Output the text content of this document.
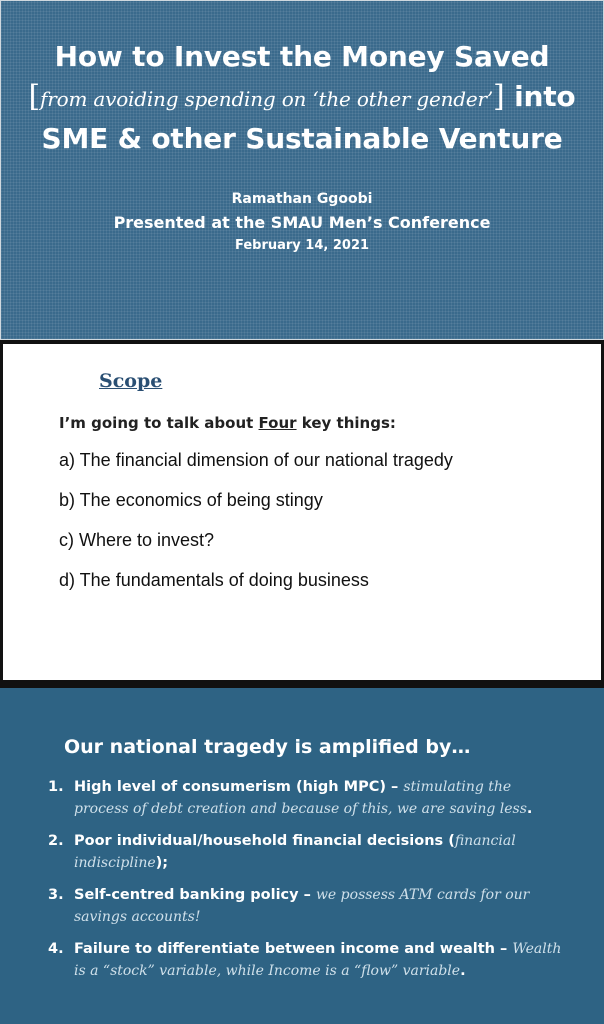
How to Invest the Money Saved
[from avoiding spending on ‘the other gender’] into
SME & other Sustainable Venture
Ramathan Ggoobi
Presented at the SMAU Men’s Conference
February 14, 2021
Scope
I’m going to talk about Four key things:
a) The financial dimension of our national tragedy
b) The economics of being stingy
c) Where to invest?
d) The fundamentals of doing business
Our national tragedy is amplified by…
1. High level of consumerism (high MPC) – stimulating the process of debt creation and because of this, we are saving less.
2. Poor individual/household financial decisions (financial indiscipline);
3. Self-centred banking policy – we possess ATM cards for our savings accounts!
4. Failure to differentiate between income and wealth – Wealth is a “stock” variable, while Income is a “flow” variable.
